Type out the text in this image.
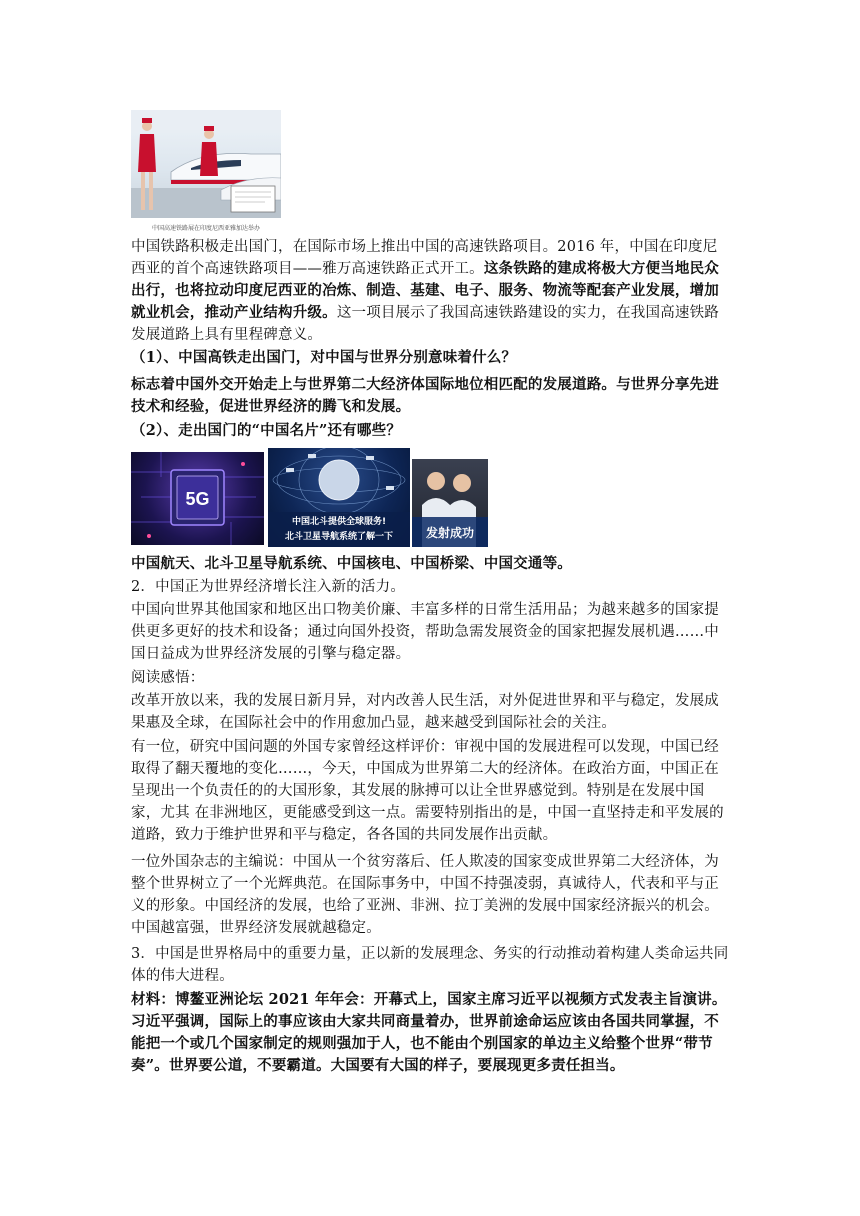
中国高速铁路展在印度尼西亚雅加达举办
中国铁路积极走出国门，在国际市场上推出中国的高速铁路项目。2016 年，中国在印度尼西亚的首个高速铁路项目——雅万高速铁路正式开工。这条铁路的建成将极大方便当地民众出行，也将拉动印度尼西亚的冶炼、制造、基建、电子、服务、物流等配套产业发展，增加就业机会，推动产业结构升级。这一项目展示了我国高速铁路建设的实力，在我国高速铁路发展道路上具有里程碑意义。
（1）、中国高铁走出国门，对中国与世界分别意味着什么？
标志着中国外交开始走上与世界第二大经济体国际地位相匹配的发展道路。与世界分享先进技术和经验，促进世界经济的腾飞和发展。
（2）、走出国门的“中国名片”还有哪些？
5G
中国北斗提供全球服务!
北斗卫星导航系统了解一下	发射成功
中国航天、北斗卫星导航系统、中国核电、中国桥梁、中国交通等。
2．中国正为世界经济增长注入新的活力。
中国向世界其他国家和地区出口物美价廉、丰富多样的日常生活用品；为越来越多的国家提供更多更好的技术和设备；通过向国外投资，帮助急需发展资金的国家把握发展机遇……中国日益成为世界经济发展的引擎与稳定器。
阅读感悟：
改革开放以来，我的发展日新月异，对内改善人民生活，对外促进世界和平与稳定，发展成果惠及全球，在国际社会中的作用愈加凸显，越来越受到国际社会的关注。
有一位，研究中国问题的外国专家曾经这样评价：审视中国的发展进程可以发现，中国已经取得了翻天覆地的变化……，今天，中国成为世界第二大的经济体。在政治方面，中国正在呈现出一个负责任的的大国形象，其发展的脉搏可以让全世界感觉到。特别是在发展中国家，尤其 在非洲地区，更能感受到这一点。需要特别指出的是，中国一直坚持走和平发展的道路，致力于维护世界和平与稳定，各各国的共同发展作出贡献。
一位外国杂志的主编说：中国从一个贫穷落后、任人欺凌的国家变成世界第二大经济体，为整个世界树立了一个光辉典范。在国际事务中，中国不持强凌弱，真诚待人，代表和平与正义的形象。中国经济的发展，也给了亚洲、非洲、拉丁美洲的发展中国家经济振兴的机会。中国越富强，世界经济发展就越稳定。
3．中国是世界格局中的重要力量，正以新的发展理念、务实的行动推动着构建人类命运共同体的伟大进程。
材料：博鳌亚洲论坛 2021 年年会：开幕式上，国家主席习近平以视频方式发表主旨演讲。习近平强调，国际上的事应该由大家共同商量着办，世界前途命运应该由各国共同掌握，不能把一个或几个国家制定的规则强加于人，也不能由个别国家的单边主义给整个世界“带节奏”。世界要公道，不要霸道。大国要有大国的样子，要展现更多责任担当。
